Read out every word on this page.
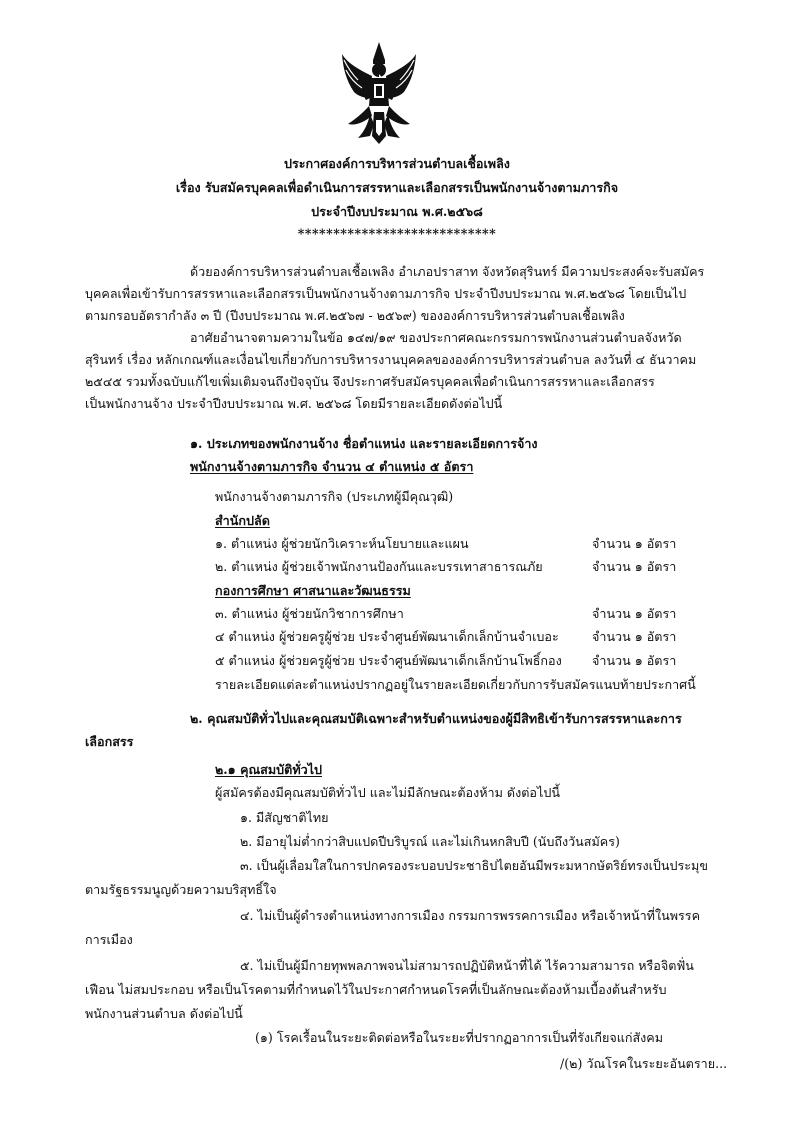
ประกาศองค์การบริหารส่วนตำบลเชื้อเพลิง
เรื่อง รับสมัครบุคคลเพื่อดำเนินการสรรหาและเลือกสรรเป็นพนักงานจ้างตามภารกิจ
ประจำปีงบประมาณ พ.ศ.๒๕๖๘
****************************
ด้วยองค์การบริหารส่วนตำบลเชื้อเพลิง อำเภอปราสาท จังหวัดสุรินทร์ มีความประสงค์จะรับสมัคร
บุคคลเพื่อเข้ารับการสรรหาและเลือกสรรเป็นพนักงานจ้างตามภารกิจ ประจำปีงบประมาณ พ.ศ.๒๕๖๘ โดยเป็นไป
ตามกรอบอัตรากำลัง ๓ ปี (ปีงบประมาณ พ.ศ.๒๕๖๗ - ๒๕๖๙) ขององค์การบริหารส่วนตำบลเชื้อเพลิง
อาศัยอำนาจตามความในข้อ ๑๔๗/๑๙ ของประกาศคณะกรรมการพนักงานส่วนตำบลจังหวัด
สุรินทร์ เรื่อง หลักเกณฑ์และเงื่อนไขเกี่ยวกับการบริหารงานบุคคลขององค์การบริหารส่วนตำบล ลงวันที่ ๔ ธันวาคม
๒๕๔๕ รวมทั้งฉบับแก้ไขเพิ่มเติมจนถึงปัจจุบัน จึงประกาศรับสมัครบุคคลเพื่อดำเนินการสรรหาและเลือกสรร
เป็นพนักงานจ้าง ประจำปีงบประมาณ พ.ศ. ๒๕๖๘ โดยมีรายละเอียดดังต่อไปนี้
๑. ประเภทของพนักงานจ้าง ชื่อตำแหน่ง และรายละเอียดการจ้าง
พนักงานจ้างตามภารกิจ จำนวน ๔ ตำแหน่ง ๕ อัตรา
พนักงานจ้างตามภารกิจ (ประเภทผู้มีคุณวุฒิ)
สำนักปลัด
๑. ตำแหน่ง ผู้ช่วยนักวิเคราะห์นโยบายและแผน	จำนวน ๑ อัตรา
๒. ตำแหน่ง ผู้ช่วยเจ้าพนักงานป้องกันและบรรเทาสาธารณภัย	จำนวน ๑ อัตรา
กองการศึกษา ศาสนาและวัฒนธรรม
๓. ตำแหน่ง ผู้ช่วยนักวิชาการศึกษา	จำนวน ๑ อัตรา
๔ ตำแหน่ง ผู้ช่วยครูผู้ช่วย ประจำศูนย์พัฒนาเด็กเล็กบ้านจำเบอะ	จำนวน ๑ อัตรา
๕ ตำแหน่ง ผู้ช่วยครูผู้ช่วย ประจำศูนย์พัฒนาเด็กเล็กบ้านโพธิ์กอง จำนวน ๑ อัตรา
รายละเอียดแต่ละตำแหน่งปรากฏอยู่ในรายละเอียดเกี่ยวกับการรับสมัครแนบท้ายประกาศนี้
๒. คุณสมบัติทั่วไปและคุณสมบัติเฉพาะสำหรับตำแหน่งของผู้มีสิทธิเข้ารับการสรรหาและการ
เลือกสรร
๒.๑ คุณสมบัติทั่วไป
ผู้สมัครต้องมีคุณสมบัติทั่วไป และไม่มีลักษณะต้องห้าม ดังต่อไปนี้
๑. มีสัญชาติไทย
๒. มีอายุไม่ต่ำกว่าสิบแปดปีบริบูรณ์ และไม่เกินหกสิบปี (นับถึงวันสมัคร)
๓. เป็นผู้เลื่อมใสในการปกครองระบอบประชาธิปไตยอันมีพระมหากษัตริย์ทรงเป็นประมุข
ตามรัฐธรรมนูญด้วยความบริสุทธิ์ใจ
๔. ไม่เป็นผู้ดำรงตำแหน่งทางการเมือง กรรมการพรรคการเมือง หรือเจ้าหน้าที่ในพรรค
การเมือง
๕. ไม่เป็นผู้มีกายทุพพลภาพจนไม่สามารถปฏิบัติหน้าที่ได้ ไร้ความสามารถ หรือจิตฟั่น
เฟือน ไม่สมประกอบ หรือเป็นโรคตามที่กำหนดไว้ในประกาศกำหนดโรคที่เป็นลักษณะต้องห้ามเบื้องต้นสำหรับ
พนักงานส่วนตำบล ดังต่อไปนี้
(๑) โรคเรื้อนในระยะติดต่อหรือในระยะที่ปรากฏอาการเป็นที่รังเกียจแก่สังคม
/(๒) วัณโรคในระยะอันตราย...
